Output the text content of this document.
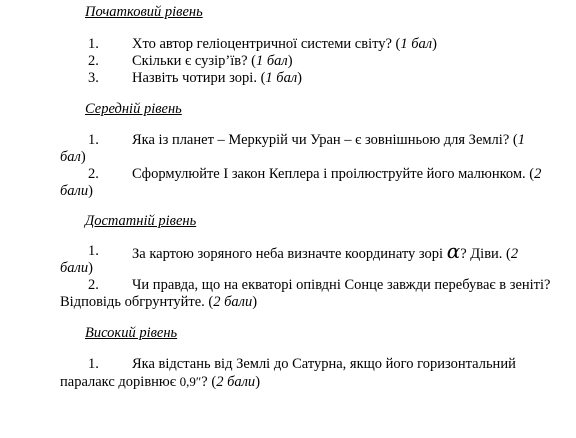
Початковий рівень
1. Хто автор геліоцентричної системи світу? (1 бал)
2. Скільки є сузір’їв? (1 бал)
3. Назвіть чотири зорі. (1 бал)
Середній рівень
1. Яка із планет – Меркурій чи Уран – є зовнішньою для Землі? (1
бал)
2. Сформулюйте І закон Кеплера і проілюструйте його малюнком. (2
бали)
Достатній рівень
1. За картою зоряного неба визначте координату зорі α? Діви. (2
бали)
2. Чи правда, що на екваторі опівдні Сонце завжди перебуває в зеніті?
Відповідь обгрунтуйте. (2 бали)
Високий рівень
1. Яка відстань від Землі до Сатурна, якщо його горизонтальний
паралакс дорівнює 0,9″? (2 бали)
